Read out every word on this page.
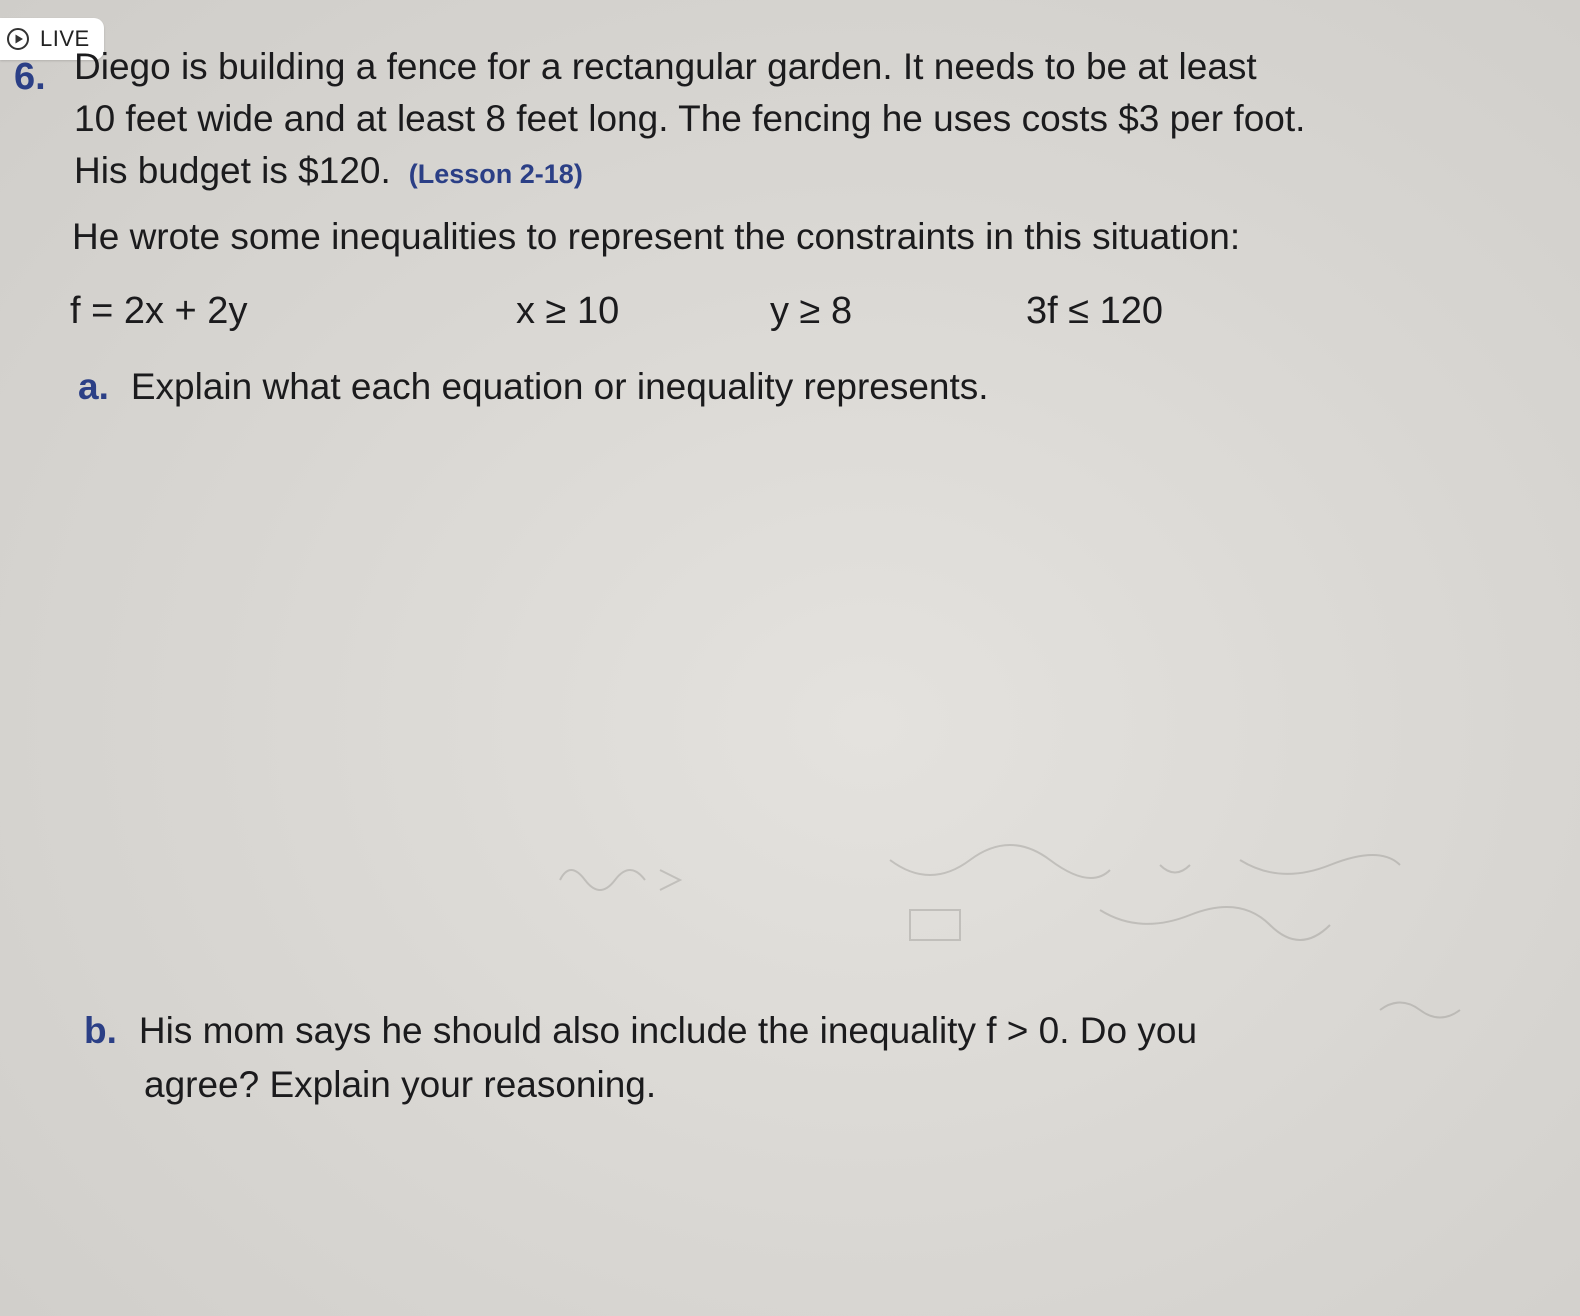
LIVE
6. Diego is building a fence for a rectangular garden. It needs to be at least
10 feet wide and at least 8 feet long. The fencing he uses costs $3 per foot.
His budget is $120. (Lesson 2-18)
He wrote some inequalities to represent the constraints in this situation:
f = 2x + 2y	x ≥ 10	y ≥ 8	3f ≤ 120
a. Explain what each equation or inequality represents.
b. His mom says he should also include the inequality f > 0. Do you
agree? Explain your reasoning.
